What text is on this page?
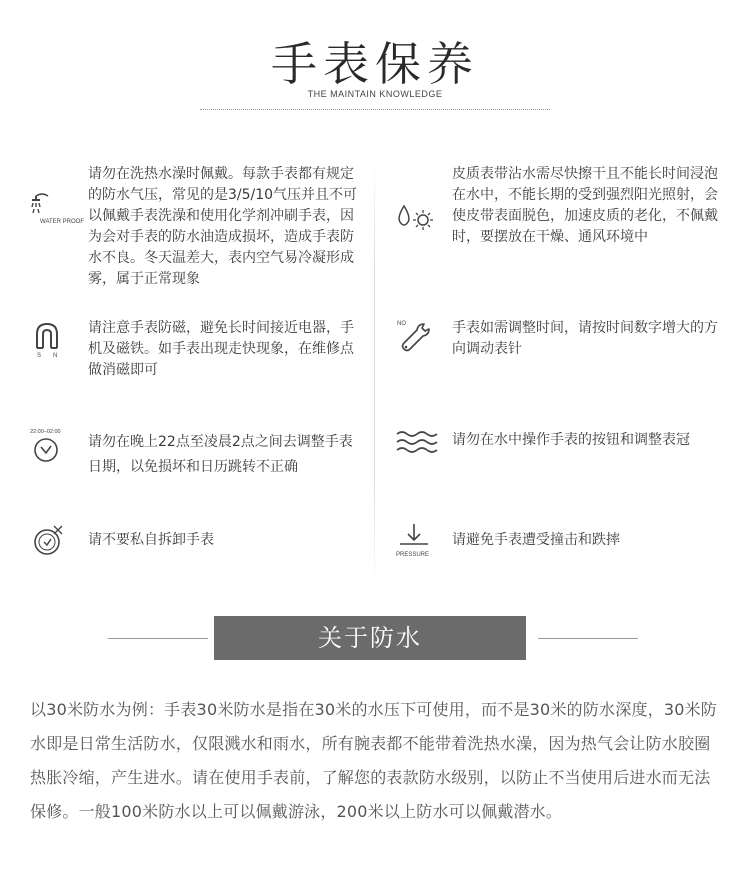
手表保养
THE MAINTAIN KNOWLEDGE
WATER PROOF
请勿在洗热水澡时佩戴。每款手表都有规定的防水气压，常见的是3/5/10气压并且不可以佩戴手表洗澡和使用化学剂冲刷手表，因为会对手表的防水油造成损坏，造成手表防水不良。冬天温差大，表内空气易冷凝形成雾，属于正常现象
皮质表带沾水需尽快擦干且不能长时间浸泡在水中，不能长期的受到强烈阳光照射，会使皮带表面脱色，加速皮质的老化，不佩戴时，要摆放在干燥、通风环境中
S N
请注意手表防磁，避免长时间接近电器，手机及磁铁。如手表出现走快现象，在维修点做消磁即可
NO	手表如需调整时间，请按时间数字增大的方向调动表针
22:00–02:00
请勿在晚上22点至凌晨2点之间去调整手表日期，以免损坏和日历跳转不正确
请勿在水中操作手表的按钮和调整表冠
请不要私自拆卸手表
PRESSURE
请避免手表遭受撞击和跌摔
关于防水
以30米防水为例：手表30米防水是指在30米的水压下可使用，而不是30米的防水深度，30米防水即是日常生活防水，仅限溅水和雨水，所有腕表都不能带着洗热水澡，因为热气会让防水胶圈热胀冷缩，产生进水。请在使用手表前，了解您的表款防水级别，以防止不当使用后进水而无法保修。一般100米防水以上可以佩戴游泳，200米以上防水可以佩戴潜水。
